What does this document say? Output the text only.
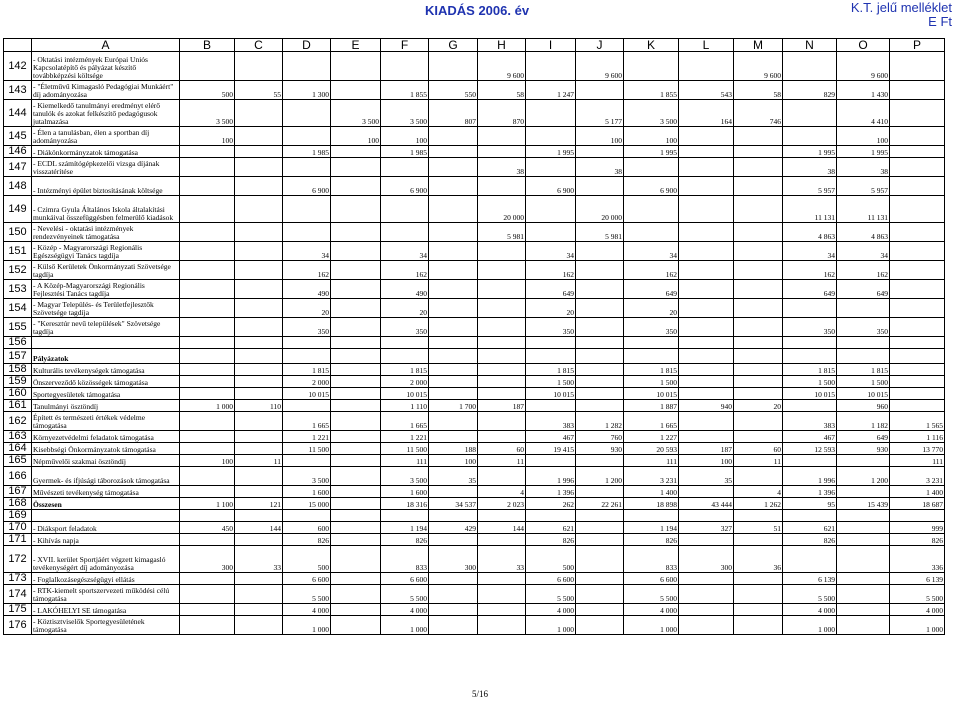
KIADÁS 2006. év	K.T. jelű melléklet
E Ft
	A	B	C	D	E	F	G	H	I	J	K	L	M	N	O	P
142	- Oktatási intézmények Európai Uniós Kapcsolatépítő és pályázat készítő továbbképzési költsége							9 600		9 600			9 600		9 600	
143	- "Életművű Kimagasló Pedagógiai Munkáért" díj adományozása	500	55	1 300		1 855	550	58	1 247		1 855	543	58	829	1 430	
144	- Kiemelkedő tanulmányi eredményt elérő tanulók és azokat felkészítő pedagógusok jutalmazása	3 500			3 500	3 500	807	870		5 177	3 500	164	746		4 410	
145	- Élen a tanulásban, élen a sportban díj adományozása	100			100	100				100	100				100	
146	- Diákönkormányzatok támogatása			1 985		1 985			1 995		1 995			1 995	1 995	
147	- ECDL számítógépkezelői vizsga díjának visszatérítése							38		38				38	38	
148	- Intézményi épület biztosításának költsége			6 900		6 900			6 900		6 900			5 957	5 957	
149	- Czimra Gyula Általános Iskola általakítási munkáival összefüggésben felmerülő kiadások							20 000		20 000				11 131	11 131	
150	- Nevelési - oktatási intézmények rendezvényeinek támogatása							5 981		5 981				4 863	4 863	
151	- Közép - Magyarországi Regionális Egészségügyi Tanács tagdíja			34		34			34		34			34	34	
152	- Külső Kerületek Önkormányzati Szövetsége tagdíja			162		162			162		162			162	162	
153	- A Közép-Magyarországi Regionális Fejlesztési Tanács tagdíja			490		490			649		649			649	649	
154	- Magyar Település- és Területfejlesztők Szövetsége tagdíja			20		20			20		20					
155	- "Keresztúr nevű települések" Szövetsége tagdíja			350		350			350		350			350	350	
156																
157	Pályázatok															
158	Kulturális tevékenységek támogatása			1 815		1 815			1 815		1 815			1 815	1 815	
159	Önszerveződő közösségek támogatása			2 000		2 000			1 500		1 500			1 500	1 500	
160	Sportegyesületek támogatása			10 015		10 015			10 015		10 015			10 015	10 015	
161	Tanulmányi ösztöndíj	1 000	110			1 110	1 700	187			1 887	940	20		960	
162	Épített és természeti értékek védelme támogatása			1 665		1 665			383	1 282	1 665			383	1 182	1 565
163	Környezetvédelmi feladatok támogatása			1 221		1 221			467	760	1 227			467	649	1 116
164	Kisebbségi Önkormányzatok támogatása			11 500		11 500	188	60	19 415	930	20 593	187	60	12 593	930	13 770
165	Népművelői szakmai ösztöndíj	100	11			111	100	11			111	100	11			111
166	Gyermek- és ifjúsági táborozások támogatása			3 500		3 500	35		1 996	1 200	3 231	35		1 996	1 200	3 231
167	Művészeti tevékenység támogatása			1 600		1 600		4	1 396		1 400		4	1 396		1 400
168	Összesen	1 100	121	15 000		18 316	34 537	2 023	262	22 261	18 898	43 444	1 262	95	15 439	18 687
169																
170	- Diáksport feladatok	450	144	600		1 194	429	144	621		1 194	327	51	621		999
171	- Kihívás napja			826		826			826		826			826		826
172	- XVII. kerület Sportjáért végzett kimagasló tevékenységért díj adományozása	300	33	500		833	300	33	500		833	300	36			336
173	- Foglalkozásegészségügyi ellátás			6 600		6 600			6 600		6 600			6 139		6 139
174	- RTK-kiemelt sportszervezeti működési célú támogatása			5 500		5 500			5 500		5 500			5 500		5 500
175	- LAKÓHELYI SE támogatása			4 000		4 000			4 000		4 000			4 000		4 000
176	- Köztisztviselők Sportegyesületének támogatása			1 000		1 000			1 000		1 000			1 000		1 000
5/16
